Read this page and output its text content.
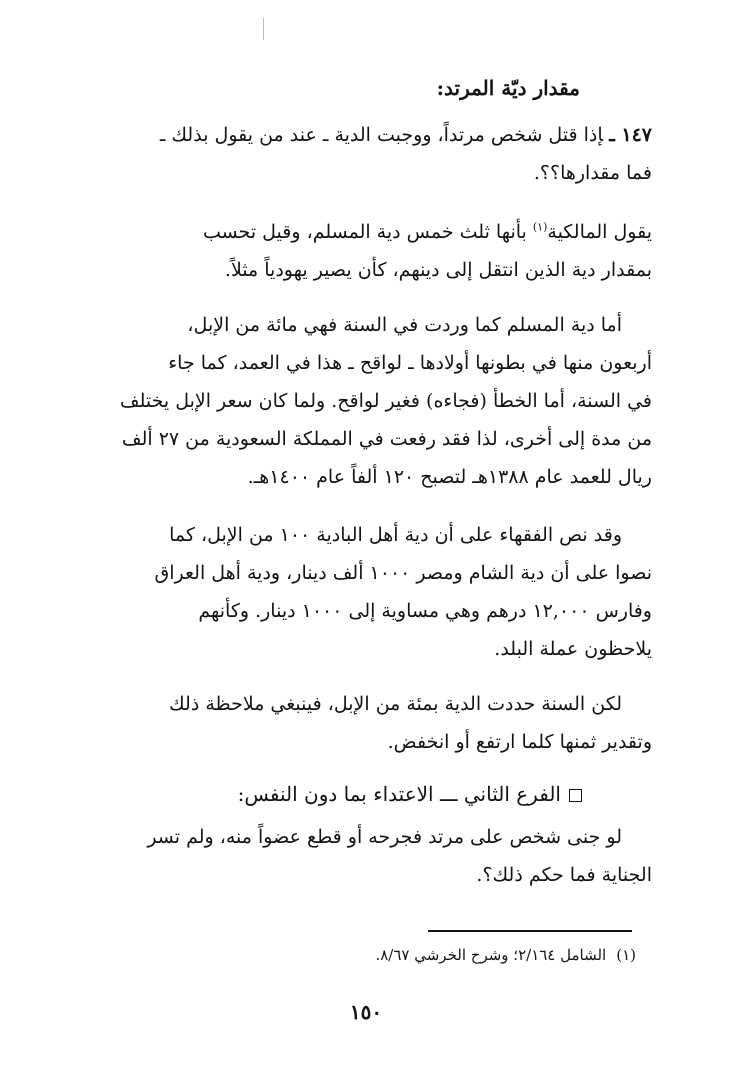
مقدار ديّة المرتد:
١٤٧ ـإذا قتل شخص مرتداً، ووجبت الدية ـ عند من يقول بذلك ـ
فما مقدارها؟؟.
يقول المالكية$^{(١)}$ بأنها ثلث خمس دية المسلم، وقيل تحسب
بمقدار دية الذين انتقل إلى دينهم، كأن يصير يهودياً مثلاً.
أما دية المسلم كما وردت في السنة فهي مائة من الإبل،
أربعون منها في بطونها أولادها ـ لواقح ـ هذا في العمد، كما جاء
في السنة، أما الخطأ (فجاءه) فغير لواقح. ولما كان سعر الإبل يختلف
من مدة إلى أخرى، لذا فقد رفعت في المملكة السعودية من ٢٧ ألف
ريال للعمد عام ١٣٨٨هـ لتصبح ١٢٠ ألفاً عام ١٤٠٠هـ.
وقد نص الفقهاء على أن دية أهل البادية ١٠٠ من الإبل، كما
نصوا على أن دية الشام ومصر ١٠٠٠ ألف دينار، ودية أهل العراق
وفارس ١٢,٠٠٠ درهم وهي مساوية إلى ١٠٠٠ دينار. وكأنهم
يلاحظون عملة البلد.
لكن السنة حددت الدية بمئة من الإبل، فينبغي ملاحظة ذلك
وتقدير ثمنها كلما ارتفع أو انخفض.
الفرع الثاني ـــ الاعتداء بما دون النفس:
لو جنى شخص على مرتد فجرحه أو قطع عضواً منه، ولم تسر
الجناية فما حكم ذلك؟.
(١)الشامل ٢/١٦٤؛ وشرح الخرشي ٨/٦٧.
١٥٠
